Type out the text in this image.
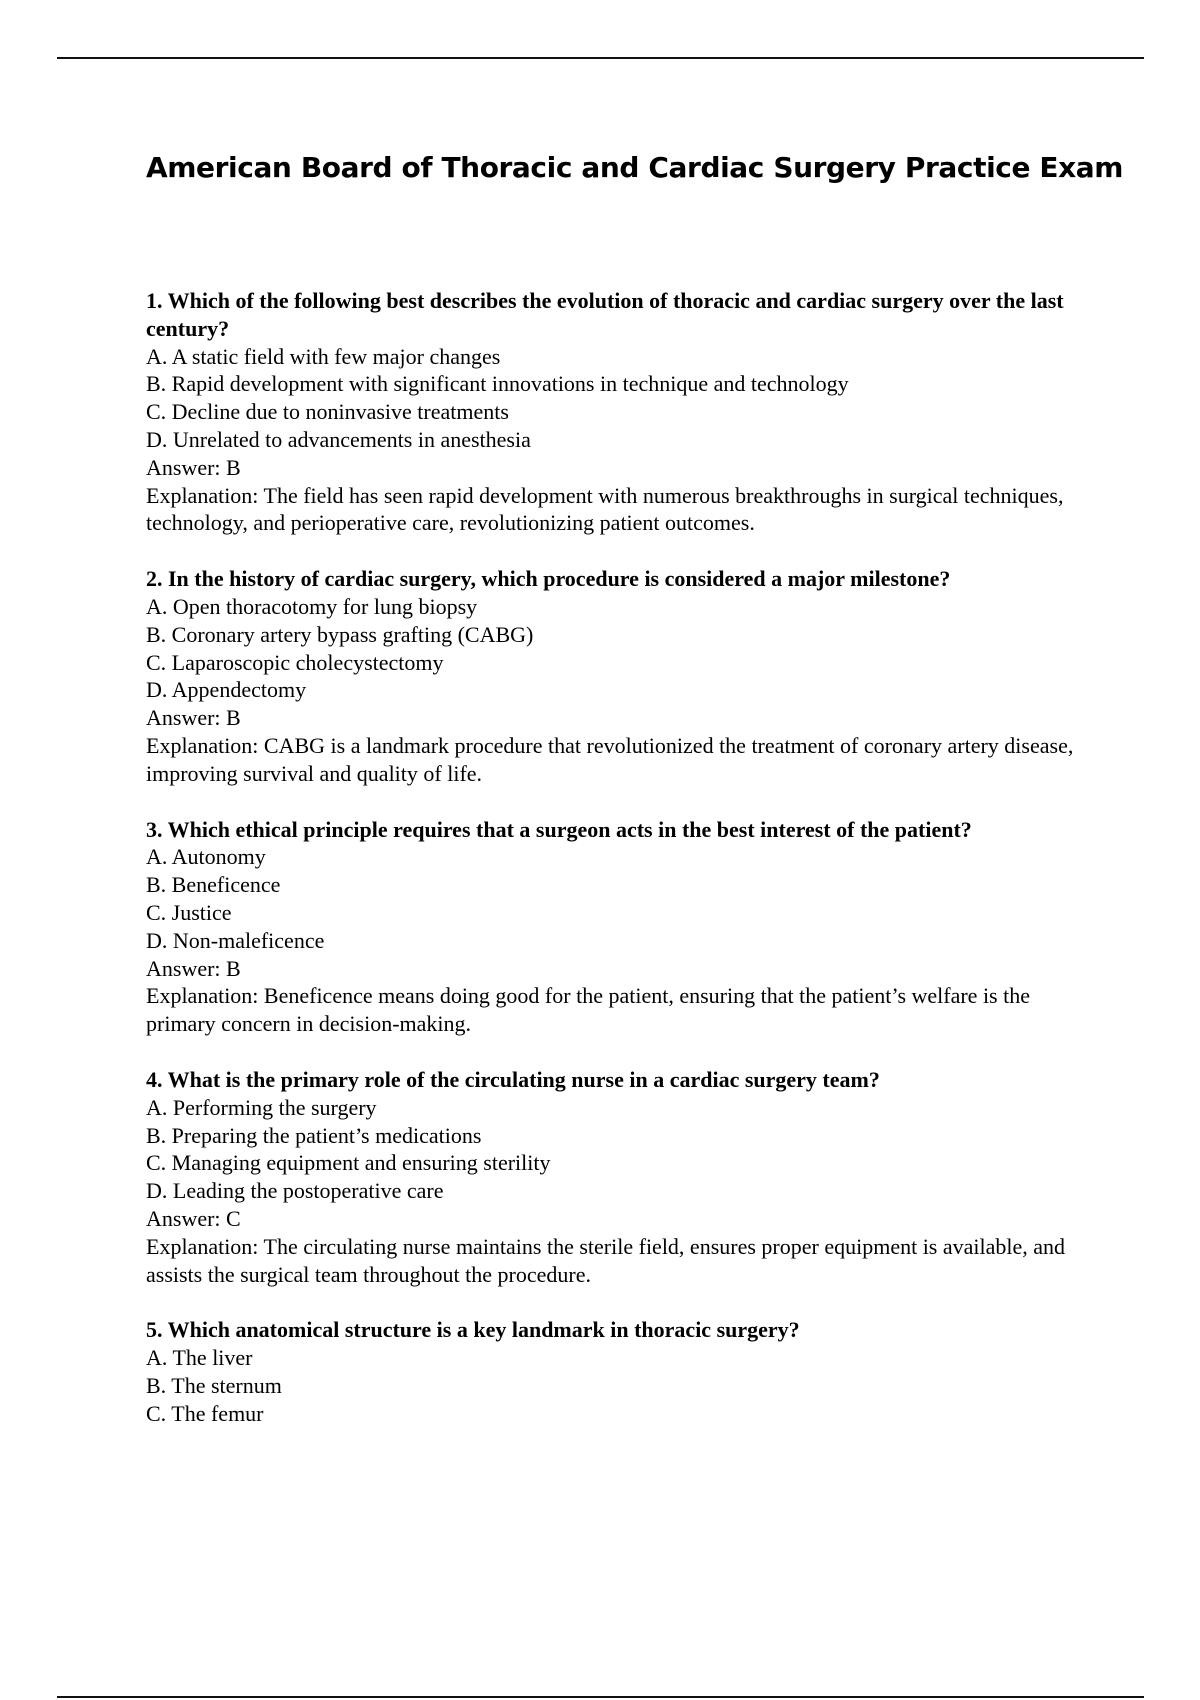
American Board of Thoracic and Cardiac Surgery Practice Exam

1. Which of the following best describes the evolution of thoracic and cardiac surgery over the last century?

A. A static field with few major changes

B. Rapid development with significant innovations in technique and technology

C. Decline due to noninvasive treatments

D. Unrelated to advancements in anesthesia

Answer: B

Explanation: The field has seen rapid development with numerous breakthroughs in surgical techniques, technology, and perioperative care, revolutionizing patient outcomes.

2. In the history of cardiac surgery, which procedure is considered a major milestone?

A. Open thoracotomy for lung biopsy

B. Coronary artery bypass grafting (CABG)

C. Laparoscopic cholecystectomy

D. Appendectomy

Answer: B

Explanation: CABG is a landmark procedure that revolutionized the treatment of coronary artery disease, improving survival and quality of life.

3. Which ethical principle requires that a surgeon acts in the best interest of the patient?

A. Autonomy

B. Beneficence

C. Justice

D. Non-maleficence

Answer: B

Explanation: Beneficence means doing good for the patient, ensuring that the patient’s welfare is the primary concern in decision-making.

4. What is the primary role of the circulating nurse in a cardiac surgery team?

A. Performing the surgery

B. Preparing the patient’s medications

C. Managing equipment and ensuring sterility

D. Leading the postoperative care

Answer: C

Explanation: The circulating nurse maintains the sterile field, ensures proper equipment is available, and assists the surgical team throughout the procedure.

5. Which anatomical structure is a key landmark in thoracic surgery?

A. The liver

B. The sternum

C. The femur
